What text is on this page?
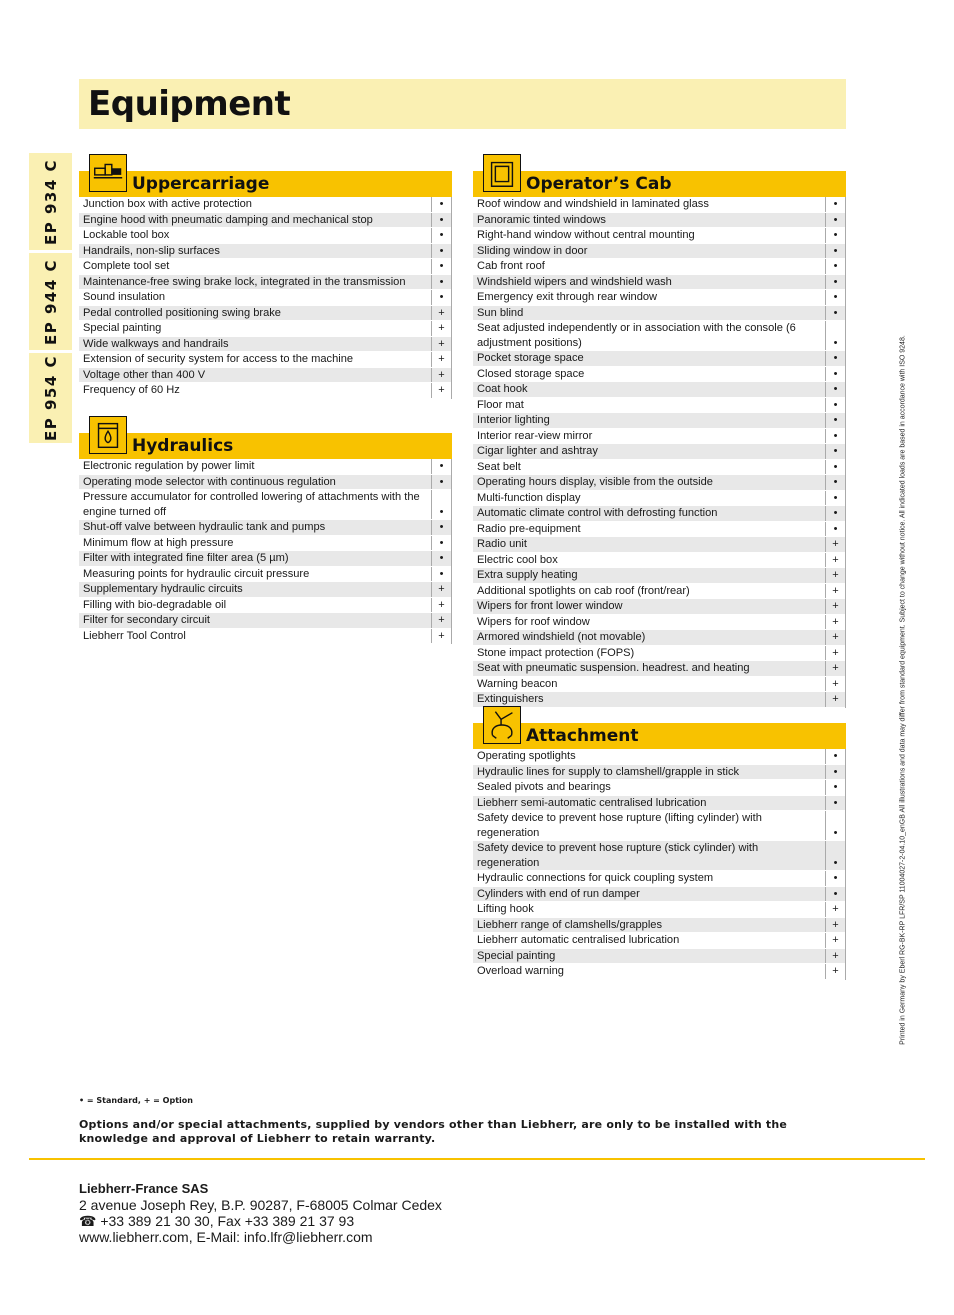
Equipment
EP 934 C
EP 944 C
EP 954 C
Uppercarriage
Junction box with active protection	•
Engine hood with pneumatic damping and mechanical stop	•
Lockable tool box	•
Handrails, non-slip surfaces	•
Complete tool set	•
Maintenance-free swing brake lock, integrated in the transmission	•
Sound insulation	•
Pedal controlled positioning swing brake	+
Special painting	+
Wide walkways and handrails	+
Extension of security system for access to the machine	+
Voltage other than 400 V	+
Frequency of 60 Hz	+
Hydraulics
Electronic regulation by power limit	•
Operating mode selector with continuous regulation	•
Pressure accumulator for controlled lowering of attachments with the engine turned off	•
Shut-off valve between hydraulic tank and pumps	•
Minimum flow at high pressure	•
Filter with integrated fine filter area (5 µm)	•
Measuring points for hydraulic circuit pressure	•
Supplementary hydraulic circuits	+
Filling with bio-degradable oil	+
Filter for secondary circuit	+
Liebherr Tool Control	+
Operator’s Cab
Roof window and windshield in laminated glass	•
Panoramic tinted windows	•
Right-hand window without central mounting	•
Sliding window in door	•
Cab front roof	•
Windshield wipers and windshield wash	•
Emergency exit through rear window	•
Sun blind	•
Seat adjusted independently or in association with the console (6 adjustment positions)	•
Pocket storage space	•
Closed storage space	•
Coat hook	•
Floor mat	•
Interior lighting	•
Interior rear-view mirror	•
Cigar lighter and ashtray	•
Seat belt	•
Operating hours display, visible from the outside	•
Multi-function display	•
Automatic climate control with defrosting function	•
Radio pre-equipment	•
Radio unit	+
Electric cool box	+
Extra supply heating	+
Additional spotlights on cab roof (front/rear)	+
Wipers for front lower window	+
Wipers for roof window	+
Armored windshield (not movable)	+
Stone impact protection (FOPS)	+
Seat with pneumatic suspension. headrest. and heating	+
Warning beacon	+
Extinguishers	+
Attachment
Operating spotlights	•
Hydraulic lines for supply to clamshell/grapple in stick	•
Sealed pivots and bearings	•
Liebherr semi-automatic centralised lubrication	•
Safety device to prevent hose rupture (lifting cylinder) with regeneration	•
Safety device to prevent hose rupture (stick cylinder) with regeneration	•
Hydraulic connections for quick coupling system	•
Cylinders with end of run damper	•
Lifting hook	+
Liebherr range of clamshells/grapples	+
Liebherr automatic centralised lubrication	+
Special painting	+
Overload warning	+
• = Standard, + = Option
Options and/or special attachments, supplied by vendors other than Liebherr, are only to be installed with the knowledge and approval of Liebherr to retain warranty.
Liebherr-France SAS
2 avenue Joseph Rey, B.P. 90287, F-68005 Colmar Cedex
☎ +33 389 21 30 30, Fax +33 389 21 37 93
www.liebherr.com, E-Mail: info.lfr@liebherr.com
Printed in Germany by Eberl RG-BK-RP LFR/SP 11004027-2-04.10_enGB All illustrations and data may differ from standard equipment. Subject to change without notice. All indicated loads are based in accordance with ISO 9248.
